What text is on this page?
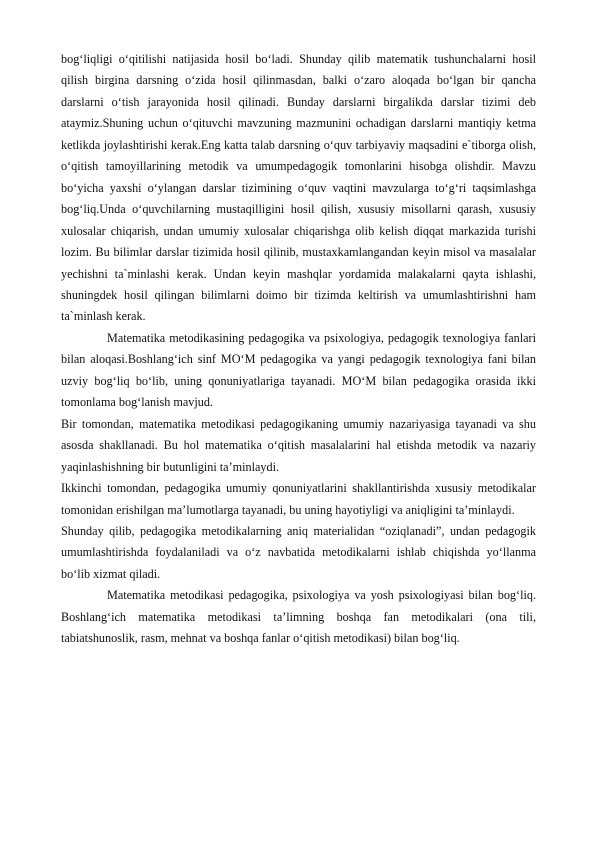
bog‘liqligi o‘qitilishi natijasida hosil bo‘ladi. Shunday qilib matematik tushunchalarni hosil qilish birgina darsning o‘zida hosil qilinmasdan, balki o‘zaro aloqada bo‘lgan bir qancha darslarni o‘tish jarayonida hosil qilinadi. Bunday darslarni birgalikda darslar tizimi deb ataymiz.Shuning uchun o‘qituvchi mavzuning mazmunini ochadigan darslarni mantiqiy ketma ketlikda joylashtirishi kerak.Eng katta talab darsning o‘quv tarbiyaviy maqsadini e`tiborga olish, o‘qitish tamoyillarining metodik va umumpedagogik tomonlarini hisobga olishdir. Mavzu bo‘yicha yaxshi o‘ylangan darslar tizimining o‘quv vaqtini mavzularga to‘g‘ri taqsimlashga bog‘liq.Unda o‘quvchilarning mustaqilligini hosil qilish, xususiy misollarni qarash, xususiy xulosalar chiqarish, undan umumiy xulosalar chiqarishga olib kelish diqqat markazida turishi lozim. Bu bilimlar darslar tizimida hosil qilinib, mustaxkamlangandan keyin misol va masalalar yechishni ta`minlashi kerak. Undan keyin mashqlar yordamida malakalarni qayta ishlashi, shuningdek hosil qilingan bilimlarni doimo bir tizimda keltirish va umumlashtirishni ham ta`minlash kerak.

Matematika metodikasining pedagogika va psixologiya, pedagogik texnologiya fanlari bilan aloqasi.Boshlang‘ich sinf MO‘M pedagogika va yangi pedagogik texnologiya fani bilan uzviy bog‘liq bo‘lib, uning qonuniyatlariga tayanadi. MO‘M bilan pedagogika orasida ikki tomonlama bog‘lanish mavjud.

Bir tomondan, matematika metodikasi pedagogikaning umumiy nazariyasiga tayanadi va shu asosda shakllanadi. Bu hol matematika o‘qitish masalalarini hal etishda metodik va nazariy yaqinlashishning bir butunligini ta’minlaydi.

Ikkinchi tomondan, pedagogika umumiy qonuniyatlarini shakllantirishda xususiy metodikalar tomonidan erishilgan ma’lumotlarga tayanadi, bu uning hayotiyligi va aniqligini ta’minlaydi.

Shunday qilib, pedagogika metodikalarning aniq materialidan “oziqlanadi”, undan pedagogik umumlashtirishda foydalaniladi va o‘z navbatida metodikalarni ishlab chiqishda yo‘llanma bo‘lib xizmat qiladi.

Matematika metodikasi pedagogika, psixologiya va yosh psixologiyasi bilan bog‘liq. Boshlang‘ich matematika metodikasi ta’limning boshqa fan metodikalari (ona tili, tabiatshunoslik, rasm, mehnat va boshqa fanlar o‘qitish metodikasi) bilan bog‘liq.
